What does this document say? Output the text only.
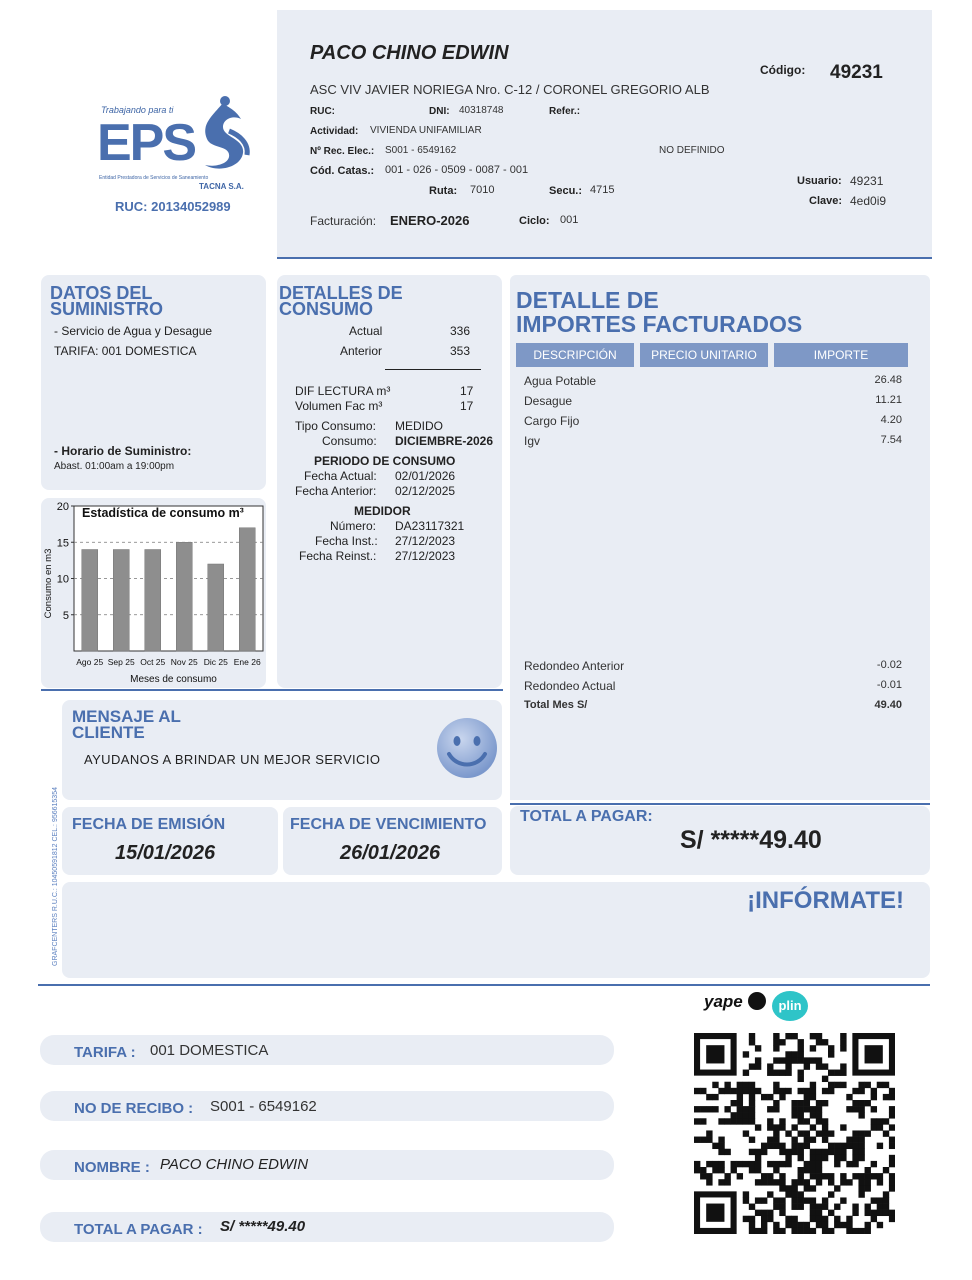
Trabajando para ti
EPS
Entidad Prestadora de Servicios de Saneamiento
TACNA S.A.
RUC: 20134052989
PACO CHINO EDWIN
ASC VIV JAVIER NORIEGA Nro. C-12 / CORONEL GREGORIO ALB
Código: 49231
RUC:	DNI: 40318748	Refer.:
Actividad: VIVIENDA UNIFAMILIAR
Nº Rec. Elec.: S001 - 6549162	NO DEFINIDO
Cód. Catas.: 001 - 026 - 0509 - 0087 - 001
Ruta: 7010	Secu.: 4715
Usuario: 49231
Clave: 4ed0i9
Facturación: ENERO-2026	Ciclo: 001
DATOS DEL
SUMINISTRO
- Servicio de Agua y Desague
TARIFA: 001 DOMESTICA
- Horario de Suministro:
Abast. 01:00am a 19:00pm
5
10
15
20
Ago 25 Sep 25 Oct 25 Nov 25 Dic 25 Ene 26
Estadística de consumo m³
Meses de consumo
Consumo en m3
DETALLES DE
CONSUMO
Actual	336
Anterior	353
DIF LECTURA m³	17
Volumen Fac m³	17
Tipo Consumo: MEDIDO
Consumo: DICIEMBRE-2026
PERIODO DE CONSUMO
Fecha Actual: 02/01/2026
Fecha Anterior: 02/12/2025
MEDIDOR
Número: DA23117321
Fecha Inst.: 27/12/2023
Fecha Reinst.: 27/12/2023
DETALLE DE
IMPORTES FACTURADOS
DESCRIPCIÓN	PRECIO UNITARIO	IMPORTE
Agua Potable	26.48
Desague	11.21
Cargo Fijo	4.20
Igv	7.54
Redondeo Anterior	-0.02
Redondeo Actual	-0.01
Total Mes S/	49.40
MENSAJE AL
CLIENTE
AYUDANOS A BRINDAR UN MEJOR SERVICIO
FECHA DE EMISIÓN
15/01/2026
FECHA DE VENCIMIENTO
26/01/2026
TOTAL A PAGAR:
S/ *****49.40
¡INFÓRMATE!
GRAFCENTERS R.U.C.: 10450591812 CEL.: 956615354
yape	plin
TARIFA : 001 DOMESTICA
NO DE RECIBO : S001 - 6549162
NOMBRE : PACO CHINO EDWIN
TOTAL A PAGAR : S/ *****49.40
